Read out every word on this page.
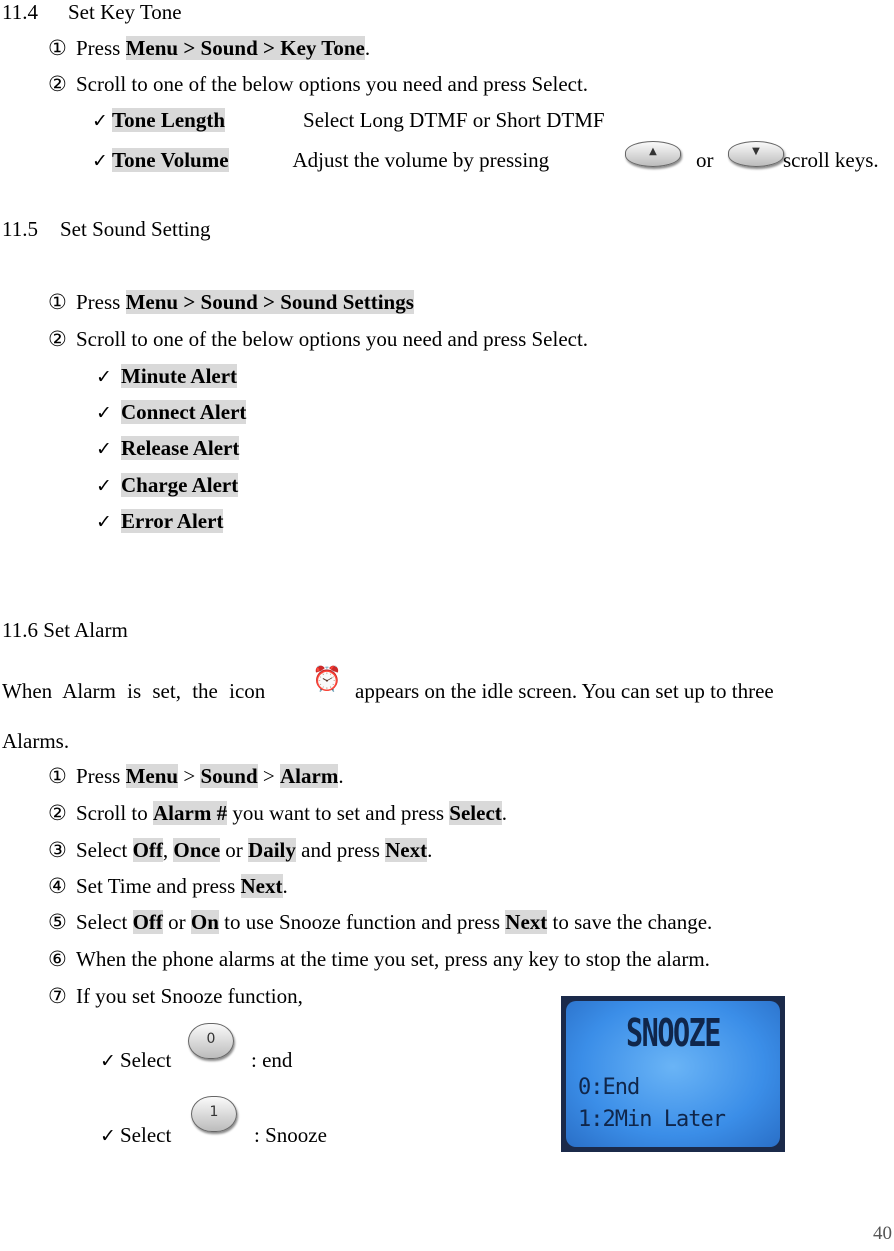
11.4 Set Key Tone
① Press Menu > Sound > Key Tone.
② Scroll to one of the below options you need and press Select.
✓ Tone Length	Select Long DTMF or Short DTMF
✓ Tone Volume	Adjust the volume by pressing	▲	or	▼	scroll keys.
11.5 Set Sound Setting
① Press Menu > Sound > Sound Settings
② Scroll to one of the below options you need and press Select.
✓ Minute Alert
✓ Connect Alert
✓ Release Alert
✓ Charge Alert
✓ Error Alert
11.6 Set Alarm
When Alarm is set, the icon	⏰ appears on the idle screen. You can set up to three
Alarms.
① Press Menu > Sound > Alarm.
② Scroll to Alarm # you want to set and press Select.
③ Select Off, Once or Daily and press Next.
④ Set Time and press Next.
⑤ Select Off or On to use Snooze function and press Next to save the change.
⑥ When the phone alarms at the time you set, press any key to stop the alarm.
⑦ If you set Snooze function,
✓ Select
0
: end
✓ Select
1
: Snooze
SNOOZE
0:End
1:2Min Later
40
